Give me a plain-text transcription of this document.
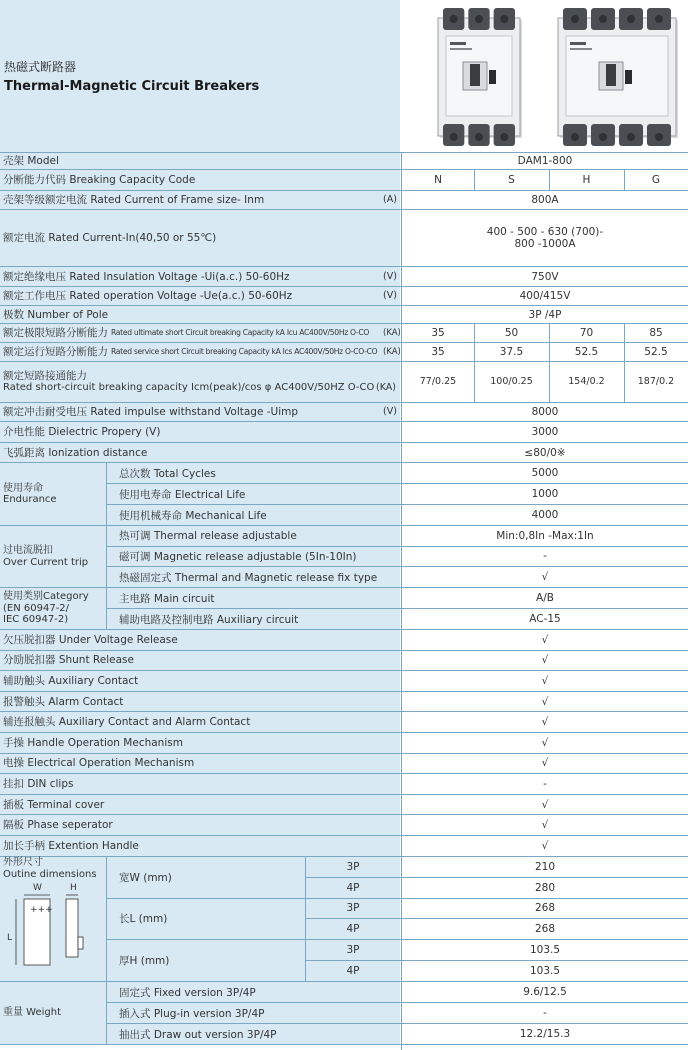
热磁式断路器
Thermal-Magnetic Circuit Breakers
壳架 Model	DAM1-800
分断能力代码 Breaking Capacity Code	N	S	H	G
壳架等级额定电流 Rated Current of Frame size- Inm	(A)	800A
额定电流 Rated Current-In(40,50 or 55℃)	400 - 500 - 630 (700)-
800 -1000A
额定绝缘电压 Rated Insulation Voltage -Ui(a.c.) 50-60Hz	(V)	750V
额定工作电压 Rated operation Voltage -Ue(a.c.) 50-60Hz	(V)	400/415V
极数 Number of Pole	3P /4P
额定极限短路分断能力 Rated ultimate short Circuit breaking Capacity kA Icu AC400V/50Hz O-CO (KA)	35	50	70	85
额定运行短路分断能力 Rated service short Circuit breaking Capacity kA Ics AC400V/50Hz O-CO-CO (KA)	35	37.5	52.5	52.5
额定短路接通能力
Rated short-circuit breaking capacity Icm(peak)/cos φ AC400V/50HZ O-CO (KA)
77/0.25	100/0.25	154/0.2	187/0.2
额定冲击耐受电压 Rated impulse withstand Voltage -Uimp	(V)	8000
介电性能 Dielectric Propery (V)	3000
飞弧距离 Ionization distance	≤80/0※
使用寿命
Endurance
总次数 Total Cycles	5000
使用电寿命 Electrical Life	1000
使用机械寿命 Mechanical Life	4000
过电流脱扣
Over Current trip
热可调 Thermal release adjustable	Min:0,8In -Max:1In
磁可调 Magnetic release adjustable (5In-10In)	-
热磁固定式 Thermal and Magnetic release fix type	√
使用类别Category
(EN 60947-2/
IEC 60947-2)
主电路 Main circuit	A/B
辅助电路及控制电路 Auxiliary circuit	AC-15
欠压脱扣器 Under Voltage Release	√
分励脱扣器 Shunt Release	√
辅助触头 Auxiliary Contact	√
报警触头 Alarm Contact	√
辅连报触头 Auxiliary Contact and Alarm Contact	√
手操 Handle Operation Mechanism	√
电操 Electrical Operation Mechanism	√
挂扣 DIN clips	-
插板 Terminal cover	√
隔板 Phase seperator	√
加长手柄 Extention Handle	√
外形尺寸
Outine dimensions
+++
W	H
L
宽W (mm)
3P	210
4P	280
长L (mm)
3P	268
4P	268
厚H (mm)
3P	103.5
4P	103.5
重量 Weight
固定式 Fixed version 3P/4P	9.6/12.5
插入式 Plug-in version 3P/4P	-
抽出式 Draw out version 3P/4P	12.2/15.3
